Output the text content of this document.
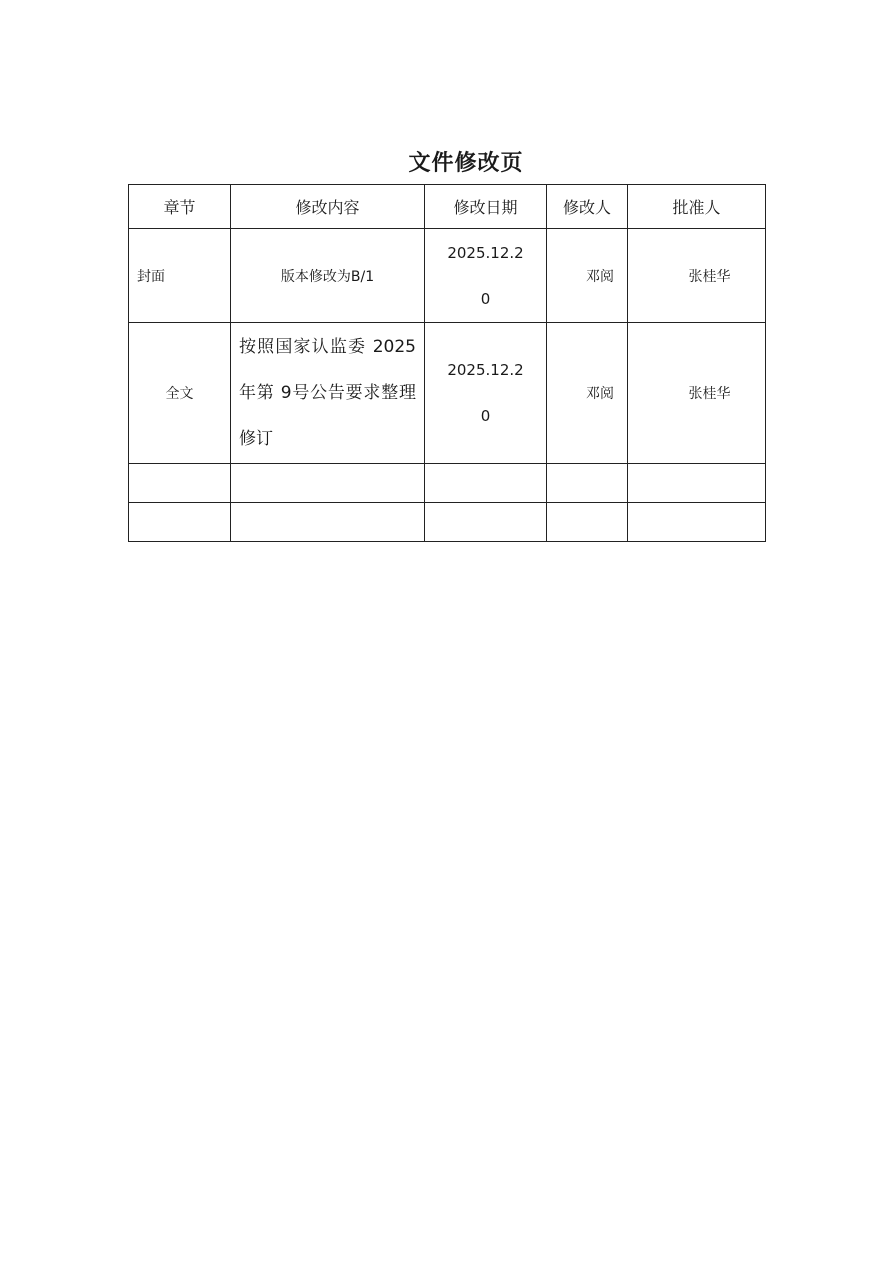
文件修改页
章节	修改内容	修改日期	修改人	批准人
封面	版本修改为B/1	2025.12.20	邓阅	张桂华
全文	按照国家认监委 2025 年第 9号公告要求整理修订	2025.12.20	邓阅	张桂华
